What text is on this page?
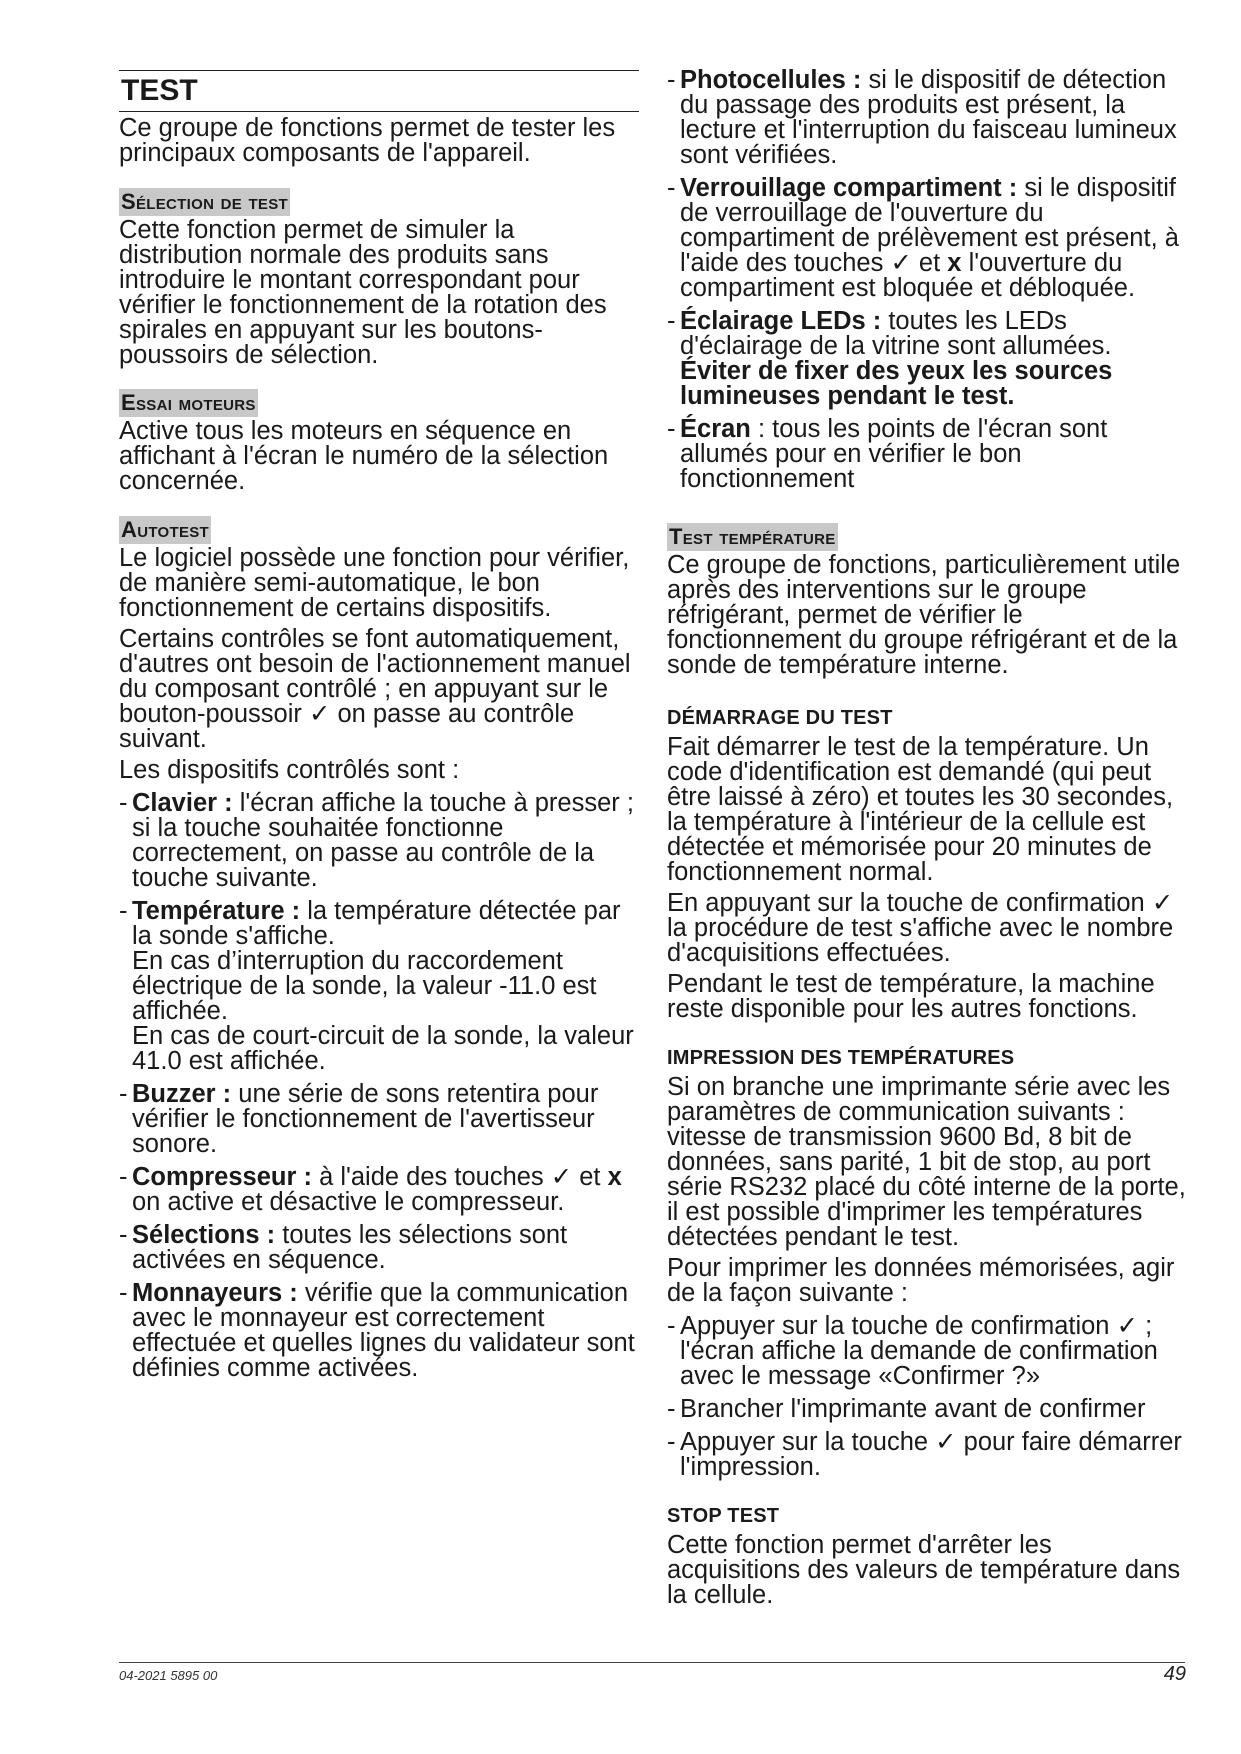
TEST

Ce groupe de fonctions permet de tester les principaux composants de l'appareil.

Sélection de test

Cette fonction permet de simuler la distribution normale des produits sans introduire le montant correspondant pour vérifier le fonctionnement de la rotation des spirales en appuyant sur les boutons-poussoirs de sélection.

Essai moteurs

Active tous les moteurs en séquence en affichant à l'écran le numéro de la sélection concernée.

Autotest

Le logiciel possède une fonction pour vérifier, de manière semi-automatique, le bon fonctionnement de certains dispositifs.

Certains contrôles se font automatiquement, d'autres ont besoin de l'actionnement manuel du composant contrôlé ; en appuyant sur le bouton-poussoir ✓ on passe au contrôle suivant.

Les dispositifs contrôlés sont :

- Clavier : l'écran affiche la touche à presser ; si la touche souhaitée fonctionne correctement, on passe au contrôle de la touche suivante.
- Température : la température détectée par la sonde s'affiche.
En cas d’interruption du raccordement électrique de la sonde, la valeur -11.0 est affichée.
En cas de court-circuit de la sonde, la valeur 41.0 est affichée.
- Buzzer : une série de sons retentira pour vérifier le fonctionnement de l'avertisseur sonore.
- Compresseur : à l'aide des touches ✓ et x on active et désactive le compresseur.
- Sélections : toutes les sélections sont activées en séquence.
- Monnayeurs : vérifie que la communication avec le monnayeur est correctement effectuée et quelles lignes du validateur sont définies comme activées.
- Photocellules : si le dispositif de détection du passage des produits est présent, la lecture et l'interruption du faisceau lumineux sont vérifiées.
- Verrouillage compartiment : si le dispositif de verrouillage de l'ouverture du compartiment de prélèvement est présent, à l'aide des touches ✓ et x l'ouverture du compartiment est bloquée et débloquée.
- Éclairage LEDs : toutes les LEDs d'éclairage de la vitrine sont allumées. Éviter de fixer des yeux les sources lumineuses pendant le test.
- Écran : tous les points de l'écran sont allumés pour en vérifier le bon fonctionnement
Test température

Ce groupe de fonctions, particulièrement utile après des interventions sur le groupe réfrigérant, permet de vérifier le fonctionnement du groupe réfrigérant et de la sonde de température interne.

DÉMARRAGE DU TEST

Fait démarrer le test de la température. Un code d'identification est demandé (qui peut être laissé à zéro) et toutes les 30 secondes, la température à l'intérieur de la cellule est détectée et mémorisée pour 20 minutes de fonctionnement normal.

En appuyant sur la touche de confirmation ✓ la procédure de test s'affiche avec le nombre d'acquisitions effectuées.

Pendant le test de température, la machine reste disponible pour les autres fonctions.

IMPRESSION DES TEMPÉRATURES

Si on branche une imprimante série avec les paramètres de communication suivants : vitesse de transmission 9600 Bd, 8 bit de données, sans parité, 1 bit de stop, au port série RS232 placé du côté interne de la porte, il est possible d'imprimer les températures détectées pendant le test.

Pour imprimer les données mémorisées, agir de la façon suivante :

- Appuyer sur la touche de confirmation ✓ ; l'écran affiche la demande de confirmation avec le message «Confirmer ?»
- Brancher l'imprimante avant de confirmer
- Appuyer sur la touche ✓ pour faire démarrer l'impression.
STOP TEST

Cette fonction permet d'arrêter les acquisitions des valeurs de température dans la cellule.

04-2021 5895 00	49
